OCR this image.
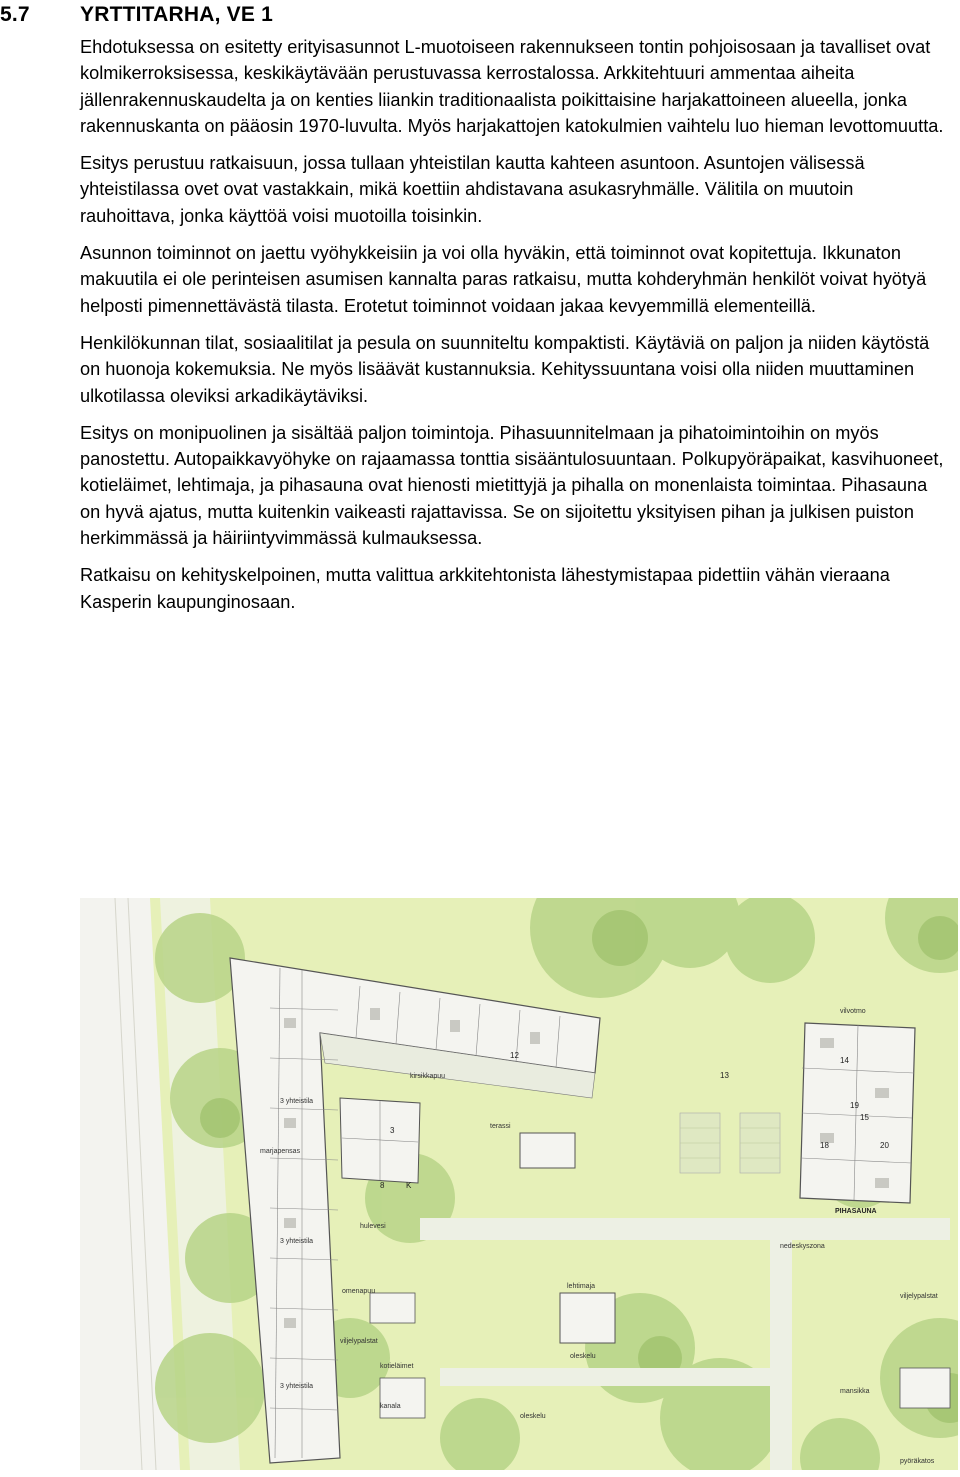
5.7	YRTTITARHA, VE 1

Ehdotuksessa on esitetty erityisasunnot L-muotoiseen rakennukseen tontin pohjoisosaan ja tavalliset ovat kolmikerroksisessa, keskikäytävään perustuvassa kerrostalossa. Arkkitehtuuri ammentaa aiheita jällenrakennuskaudelta ja on kenties liiankin traditionaalista poikittaisine harjakattoineen alueella, jonka rakennuskanta on pääosin 1970-luvulta. Myös harjakattojen katokulmien vaihtelu luo hieman levottomuutta.

Esitys perustuu ratkaisuun, jossa tullaan yhteistilan kautta kahteen asuntoon. Asuntojen välisessä yhteistilassa ovet ovat vastakkain, mikä koettiin ahdistavana asukasryhmälle. Välitila on muutoin rauhoittava, jonka käyttöä voisi muotoilla toisinkin.

Asunnon toiminnot on jaettu vyöhykkeisiin ja voi olla hyväkin, että toiminnot ovat kopitettuja. Ikkunaton makuutila ei ole perinteisen asumisen kannalta paras ratkaisu, mutta kohderyhmän henkilöt voivat hyötyä helposti pimennettävästä tilasta. Erotetut toiminnot voidaan jakaa kevyemmillä elementeillä.

Henkilökunnan tilat, sosiaalitilat ja pesula on suunniteltu kompaktisti. Käytäviä on paljon ja niiden käytöstä on huonoja kokemuksia. Ne myös lisäävät kustannuksia. Kehityssuuntana voisi olla niiden muuttaminen ulkotilassa oleviksi arkadikäytäviksi.

Esitys on monipuolinen ja sisältää paljon toimintoja. Pihasuunnitelmaan ja pihatoimintoihin on myös panostettu. Autopaikkavyöhyke on rajaamassa tonttia sisääntulosuuntaan. Polkupyöräpaikat, kasvihuoneet, kotieläimet, lehtimaja, ja pihasauna ovat hienosti mietittyjä ja pihalla on monenlaista toimintaa. Pihasauna on hyvä ajatus, mutta kuitenkin vaikeasti rajattavissa. Se on sijoitettu yksityisen pihan ja julkisen puiston herkimmässä ja häiriintyvimmässä kulmauksessa.

Ratkaisu on kehityskelpoinen, mutta valittua arkkitehtonista lähestymistapaa pidettiin vähän vieraana Kasperin kaupunginosaan.

kirsikkapuu
terassi
12
13
14
15
19
20
18
3
8	K
3 yhteistila
3 yhteistila
3 yhteistila
PIHASAUNA
lehtimaja
vilvotmo
omenapuu
viljelypalstat
viljelypalstat
oleskelu
oleskelu
kotieläimet
nedeskyszona
pyöräkatos
mansikka
marjapensas
kanala
hulevesi
